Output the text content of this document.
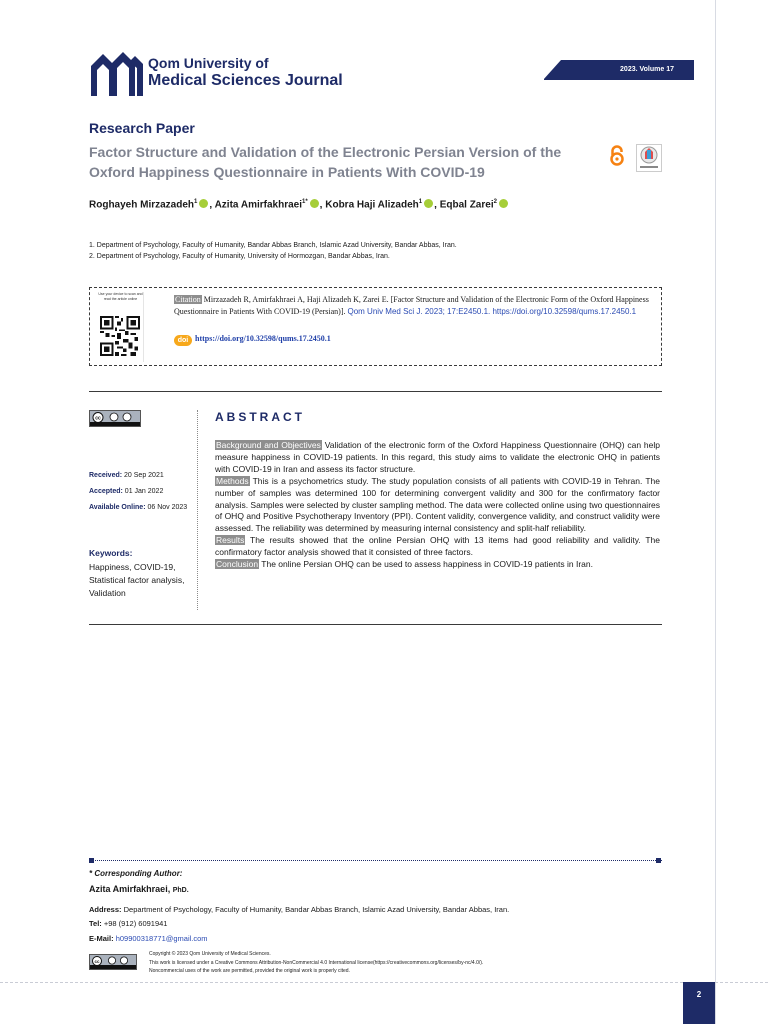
Qom University of
Medical Sciences Journal
2023. Volume 17
Research Paper
Factor Structure and Validation of the Electronic Persian Version of the Oxford Happiness Questionnaire in Patients With COVID-19
Roghayeh Mirzazadeh$^1$ , Azita Amirfakhraei$^{1*}$ , Kobra Haji Alizadeh$^1$ , Eqbal Zarei$^2$
1. Department of Psychology, Faculty of Humanity, Bandar Abbas Branch, Islamic Azad University, Bandar Abbas, Iran.
2. Department of Psychology, Faculty of Humanity, University of Hormozgan, Bandar Abbas, Iran.
Use your device to scan and read the article online	Citation Mirzazadeh R, Amirfakhraei A, Haji Alizadeh K, Zarei E. [Factor Structure and Validation of the Electronic Form of the Oxford Happiness Questionnaire in Patients With COVID-19 (Persian)]. Qom Univ Med Sci J. 2023; 17:E2450.1. https://doi.org/10.32598/qums.17.2450.1
doi https://doi.org/10.32598/qums.17.2450.1
cc
Received: 20 Sep 2021
Accepted: 01 Jan 2022
Available Online: 06 Nov 2023
Keywords:
Happiness, COVID-19, Statistical factor analysis, Validation
ABSTRACT
Background and Objectives Validation of the electronic form of the Oxford Happiness Questionnaire (OHQ) can help measure happiness in COVID-19 patients. In this regard, this study aims to validate the electronic OHQ in patients with COVID-19 in Iran and assess its factor structure.
Methods This is a psychometrics study. The study population consists of all patients with COVID-19 in Tehran. The number of samples was determined 100 for determining convergent validity and 300 for the confirmatory factor analysis. Samples were selected by cluster sampling method. The data were collected online using two questionnaires of OHQ and Positive Psychotherapy Inventory (PPI). Content validity, convergence validity, and construct validity were assessed. The reliability was determined by measuring internal consistency and split-half reliability.
Results The results showed that the online Persian OHQ with 13 items had good reliability and validity. The confirmatory factor analysis showed that it consisted of three factors.
Conclusion The online Persian OHQ can be used to assess happiness in COVID-19 patients in Iran.
* Corresponding Author:
Azita Amirfakhraei, PhD.
Address: Department of Psychology, Faculty of Humanity, Bandar Abbas Branch, Islamic Azad University, Bandar Abbas, Iran.
Tel: +98 (912) 6091941
E-Mail: h09900318771@gmail.com
cc
Copyright © 2023 Qom University of Medical Sciences.
This work is licensed under a Creative Commons Attribution-NonCommercial 4.0 International license(https://creativecommons.org/licenses/by-nc/4.0/).
Noncommercial uses of the work are permitted, provided the original work is properly cited.
2
